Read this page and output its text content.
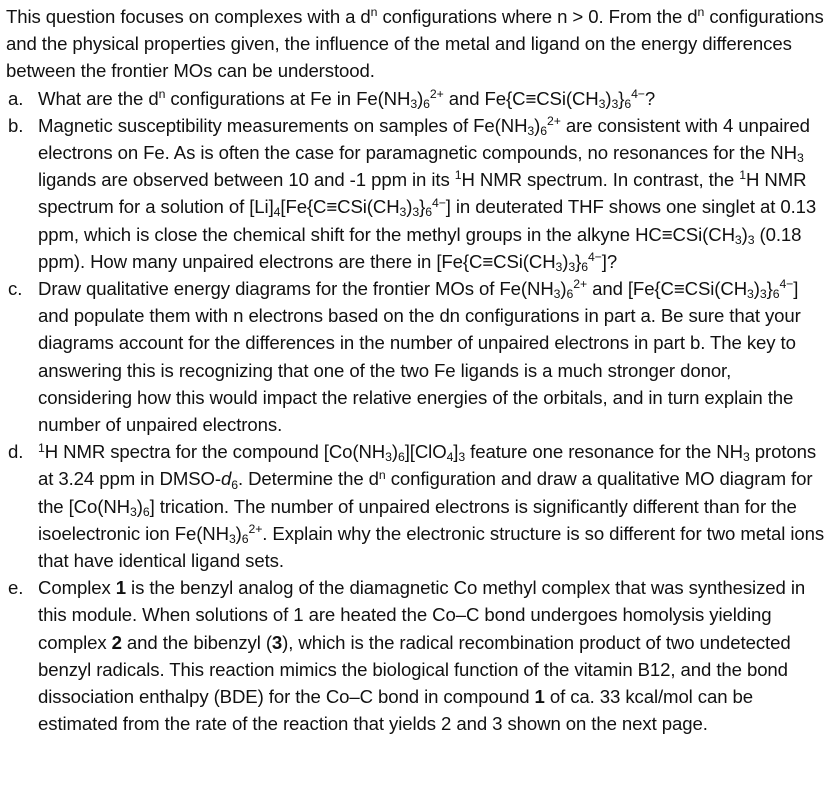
This question focuses on complexes with a $d^n$ configurations where n > 0. From the $d^n$ configurations and the physical properties given, the influence of the metal and ligand on the energy differences between the frontier MOs can be understood.

a. What are the $d^n$ configurations at Fe in $Fe(NH_3)_6^{2+}$ and $Fe\{C\equiv CSi(CH_3)_3\}_6^{4-}$?
b. Magnetic susceptibility measurements on samples of $Fe(NH_3)_6^{2+}$ are consistent with 4 unpaired electrons on Fe. As is often the case for paramagnetic compounds, no resonances for the $NH_3$ ligands are observed between 10 and -1 ppm in its $^1$H NMR spectrum. In contrast, the $^1$H NMR spectrum for a solution of $[Li]_4[Fe\{C\equiv CSi(CH_3)_3\}_6^{4-}]$ in deuterated THF shows one singlet at 0.13 ppm, which is close the chemical shift for the methyl groups in the alkyne $HC\equiv CSi(CH_3)_3$ (0.18 ppm). How many unpaired electrons are there in $[Fe\{C\equiv CSi(CH_3)_3\}_6^{4-}]$?
c. Draw qualitative energy diagrams for the frontier MOs of $Fe(NH_3)_6^{2+}$ and $[Fe\{C\equiv CSi(CH_3)_3\}_6^{4-}]$ and populate them with n electrons based on the dn configurations in part a. Be sure that your diagrams account for the differences in the number of unpaired electrons in part b. The key to answering this is recognizing that one of the two Fe ligands is a much stronger donor, considering how this would impact the relative energies of the orbitals, and in turn explain the number of unpaired electrons.
d. $^1$H NMR spectra for the compound $[Co(NH_3)_6][ClO_4]_3$ feature one resonance for the $NH_3$ protons at 3.24 ppm in DMSO-$d_6$. Determine the $d^n$ configuration and draw a qualitative MO diagram for the $[Co(NH_3)_6]$ trication. The number of unpaired electrons is significantly different than for the isoelectronic ion $Fe(NH_3)_6^{2+}$. Explain why the electronic structure is so different for two metal ions that have identical ligand sets.
e. Complex 1 is the benzyl analog of the diamagnetic Co methyl complex that was synthesized in this module. When solutions of 1 are heated the Co–C bond undergoes homolysis yielding complex 2 and the bibenzyl (3), which is the radical recombination product of two undetected benzyl radicals. This reaction mimics the biological function of the vitamin B12, and the bond dissociation enthalpy (BDE) for the Co–C bond in compound 1 of ca. 33 kcal/mol can be estimated from the rate of the reaction that yields 2 and 3 shown on the next page.
